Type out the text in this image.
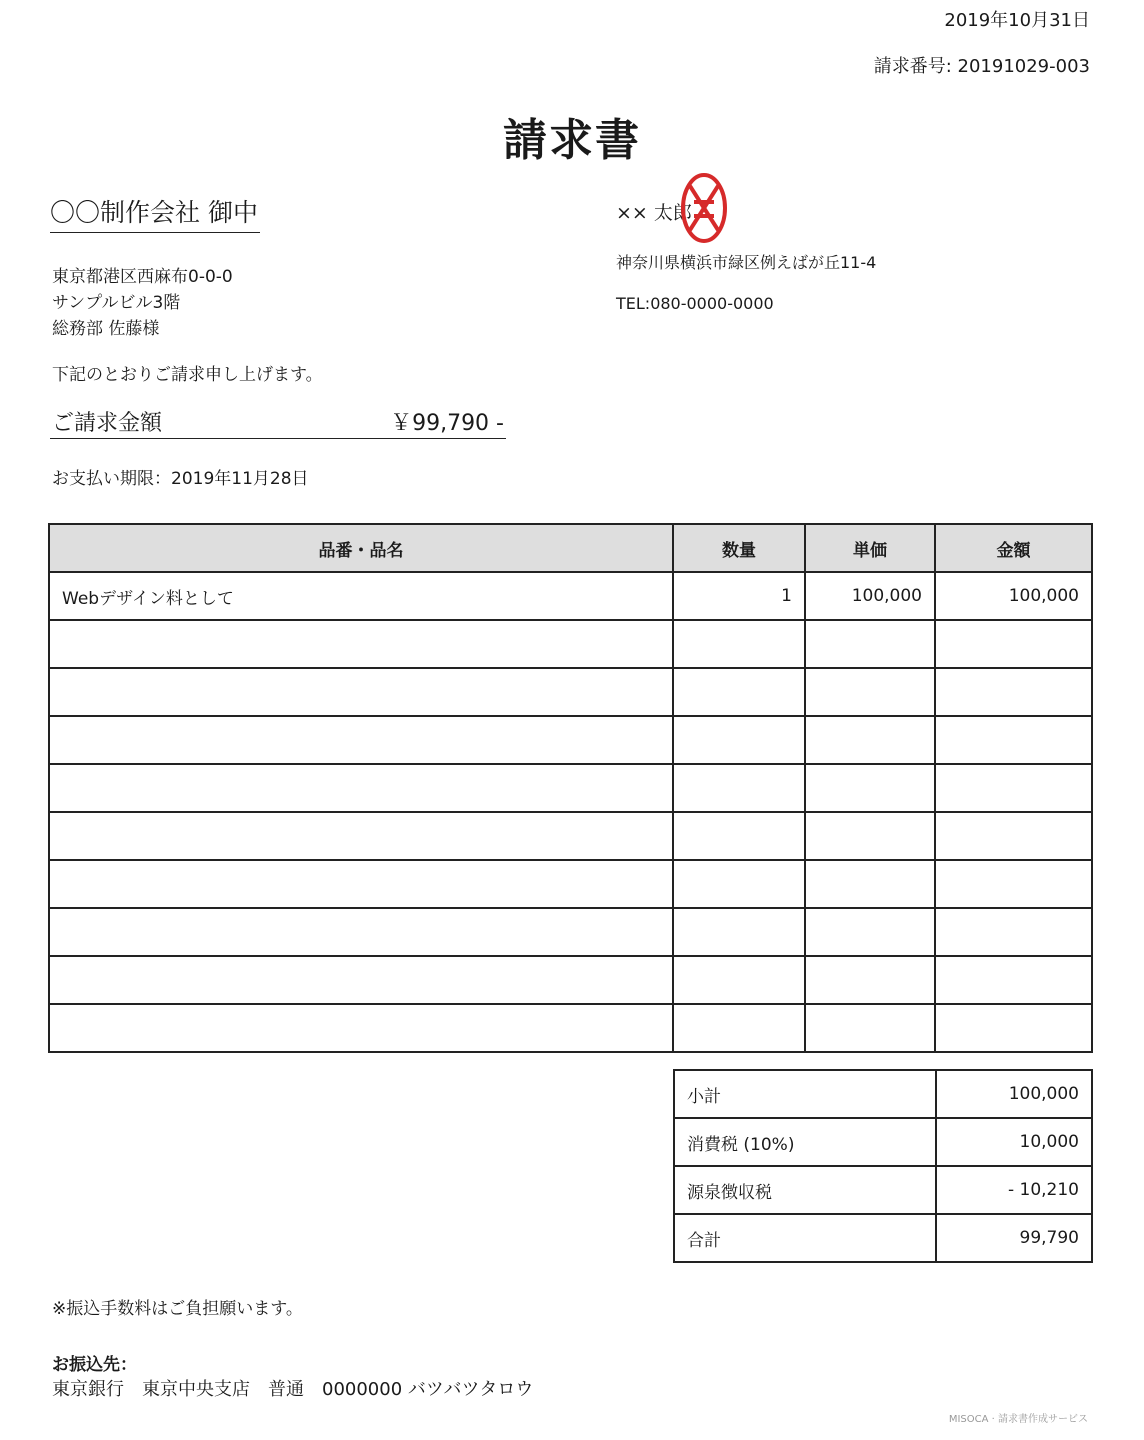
2019年10月31日
請求番号: 20191029-003
請求書
〇〇制作会社 御中
東京都港区西麻布0-0-0
サンプルビル3階
総務部 佐藤様
×× 太郎
神奈川県横浜市緑区例えばが丘11-4
TEL:080-0000-0000
下記のとおりご請求申し上げます。
ご請求金額	￥99,790 -
お支払い期限：2019年11月28日
品番・品名	数量	単価	金額
Webデザイン料として	1	100,000	100,000

小計	100,000
消費税 (10%)	10,000
源泉徴収税	- 10,210
合計	99,790
※振込手数料はご負担願います。
お振込先：
東京銀行　東京中央支店　普通　0000000 バツバツタロウ
MISOCA · 請求書作成サービス
